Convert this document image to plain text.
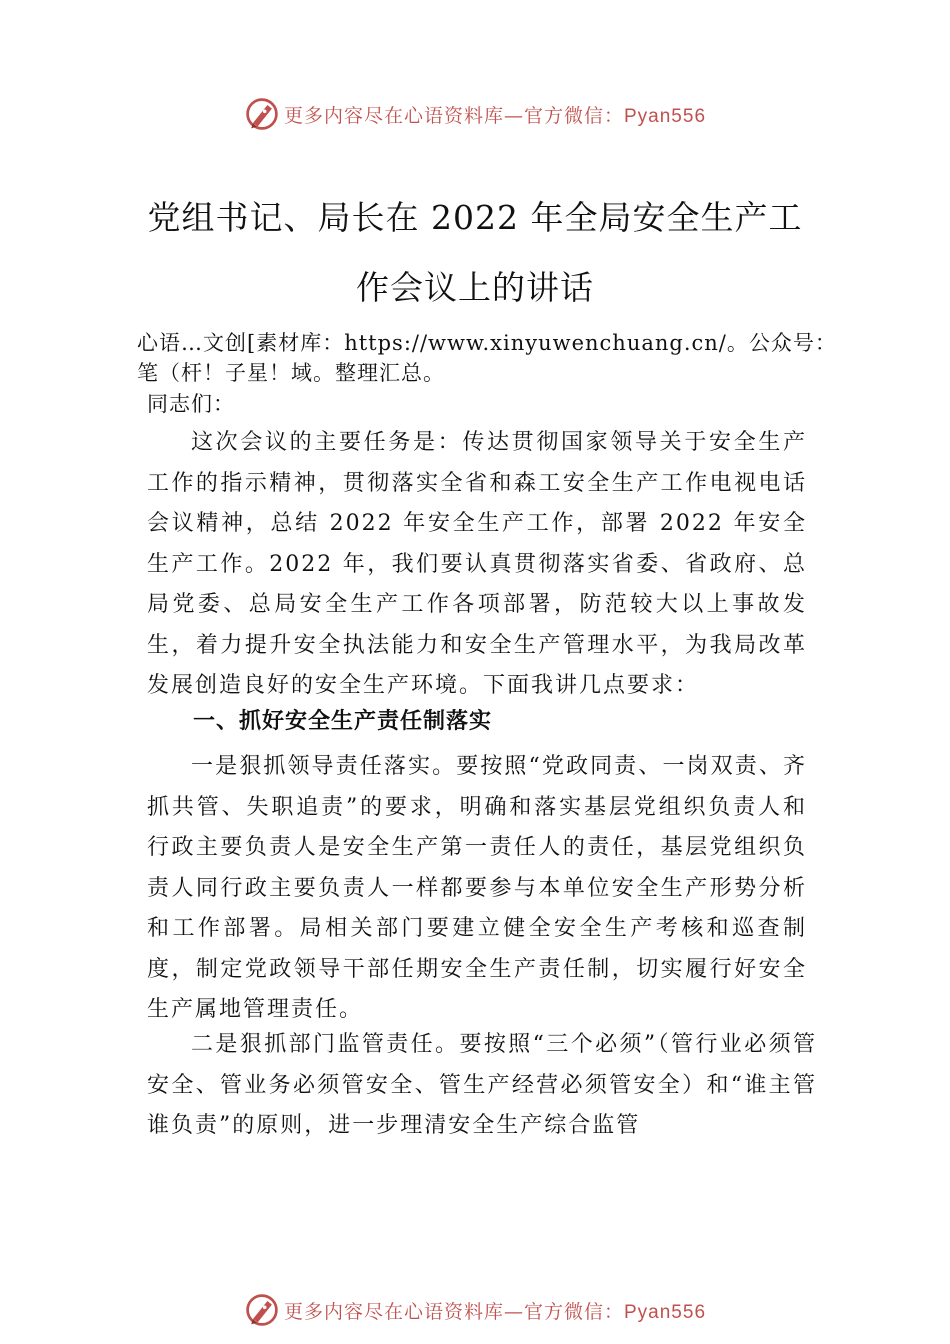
更多内容尽在心语资料库—官方微信：Pyan556
党组书记、局长在 2022 年全局安全生产工
作会议上的讲话

心语…文创[素材库：https://www.xinyuwenchuang.cn/。公众号：笔（杆！子星！域。整理汇总。

同志们：

这次会议的主要任务是：传达贯彻国家领导关于安全生产工作的指示精神，贯彻落实全省和森工安全生产工作电视电话会议精神，总结 2022 年安全生产工作，部署 2022 年安全生产工作。2022 年，我们要认真贯彻落实省委、省政府、总局党委、总局安全生产工作各项部署，防范较大以上事故发生，着力提升安全执法能力和安全生产管理水平，为我局改革发展创造良好的安全生产环境。下面我讲几点要求：

一、抓好安全生产责任制落实

一是狠抓领导责任落实。要按照“党政同责、一岗双责、齐抓共管、失职追责”的要求，明确和落实基层党组织负责人和行政主要负责人是安全生产第一责任人的责任，基层党组织负责人同行政主要负责人一样都要参与本单位安全生产形势分析和工作部署。局相关部门要建立健全安全生产考核和巡查制度，制定党政领导干部任期安全生产责任制，切实履行好安全生产属地管理责任。

二是狠抓部门监管责任。要按照“三个必须”（管行业必须管安全、管业务必须管安全、管生产经营必须管安全）和“谁主管谁负责”的原则，进一步理清安全生产综合监管

更多内容尽在心语资料库—官方微信：Pyan556
